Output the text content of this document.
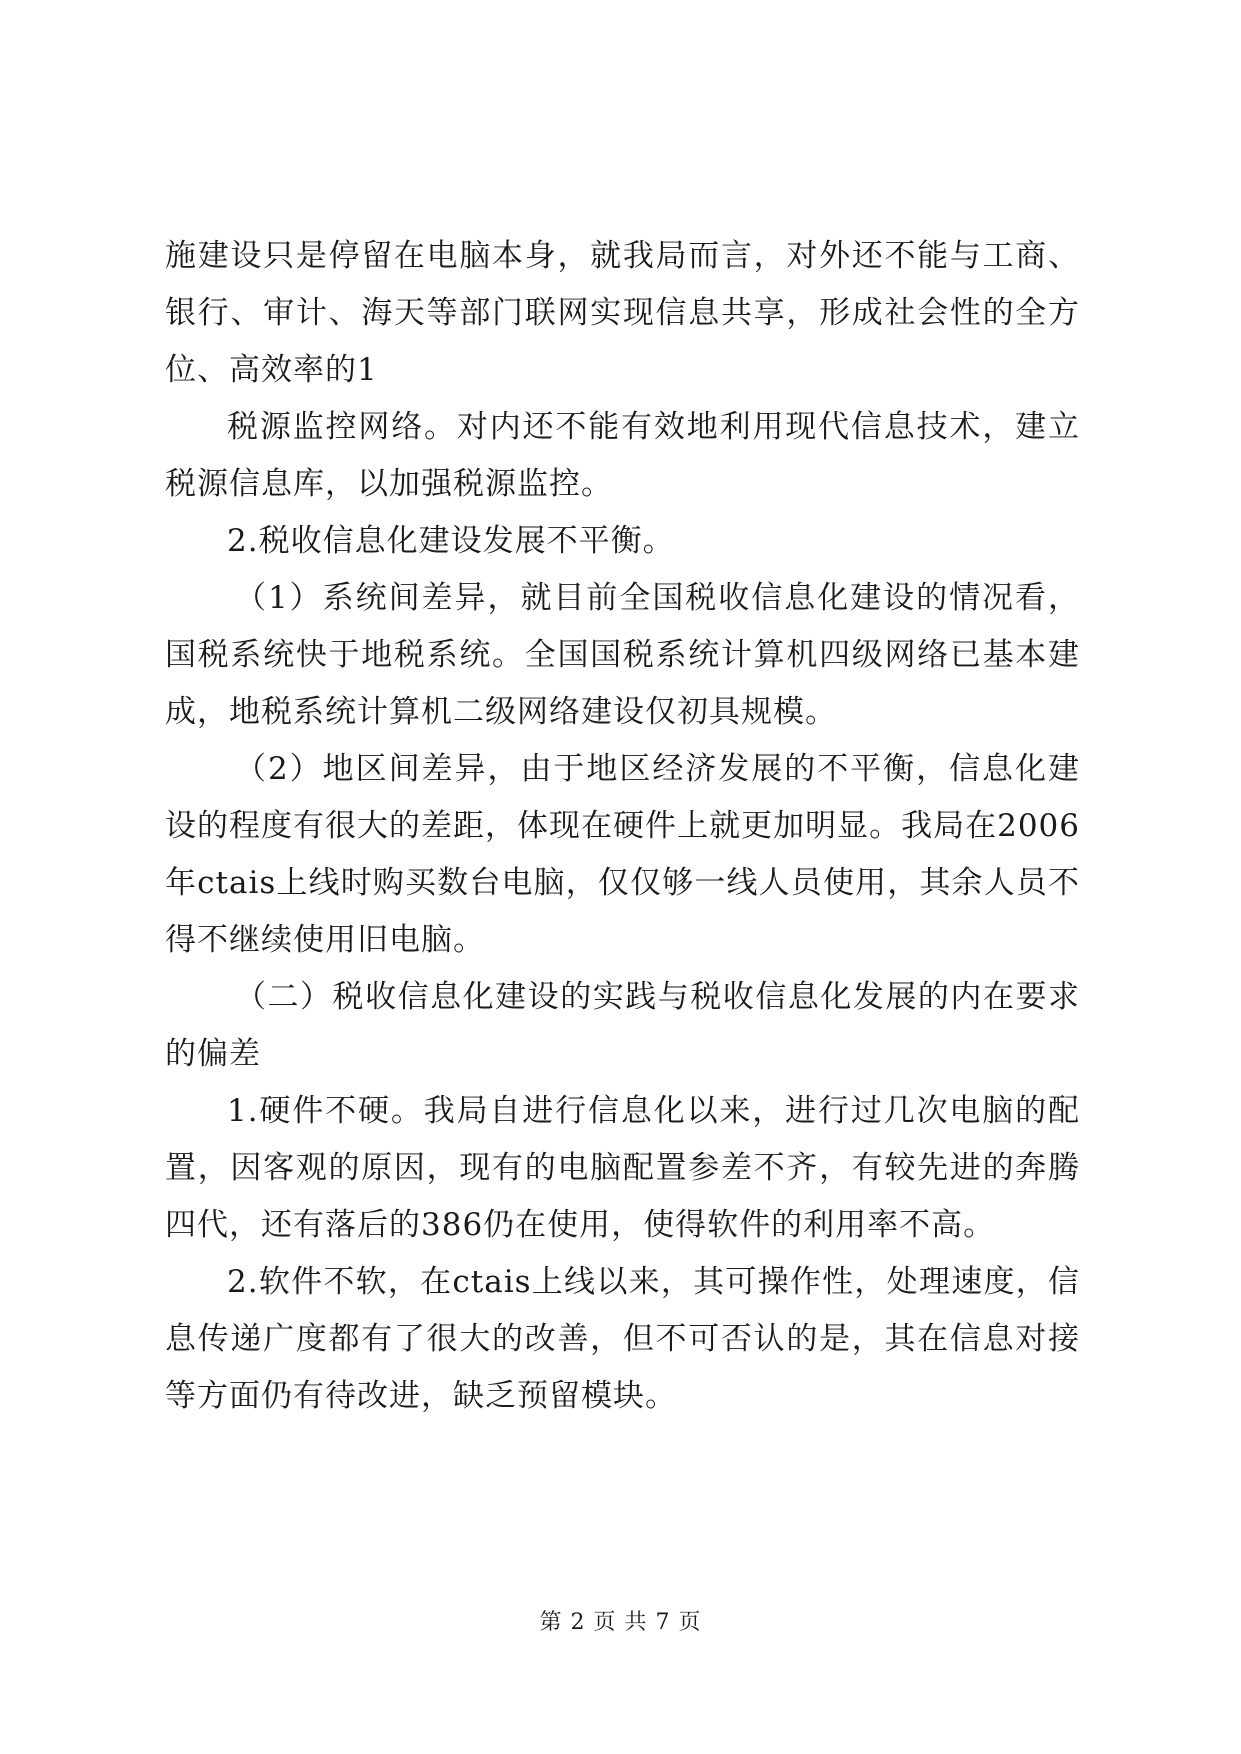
施建设只是停留在电脑本身，就我局而言，对外还不能与工商、银行、审计、海天等部门联网实现信息共享，形成社会性的全方位、高效率的1

税源监控网络。对内还不能有效地利用现代信息技术，建立税源信息库，以加强税源监控。

2.税收信息化建设发展不平衡。

（1）系统间差异，就目前全国税收信息化建设的情况看，国税系统快于地税系统。全国国税系统计算机四级网络已基本建成，地税系统计算机二级网络建设仅初具规模。

（2）地区间差异，由于地区经济发展的不平衡，信息化建设的程度有很大的差距，体现在硬件上就更加明显。我局在2006年ctais上线时购买数台电脑，仅仅够一线人员使用，其余人员不得不继续使用旧电脑。

（二）税收信息化建设的实践与税收信息化发展的内在要求的偏差

1.硬件不硬。我局自进行信息化以来，进行过几次电脑的配置，因客观的原因，现有的电脑配置参差不齐，有较先进的奔腾四代，还有落后的386仍在使用，使得软件的利用率不高。

2.软件不软，在ctais上线以来，其可操作性，处理速度，信息传递广度都有了很大的改善，但不可否认的是，其在信息对接等方面仍有待改进，缺乏预留模块。

第 2 页 共 7 页
